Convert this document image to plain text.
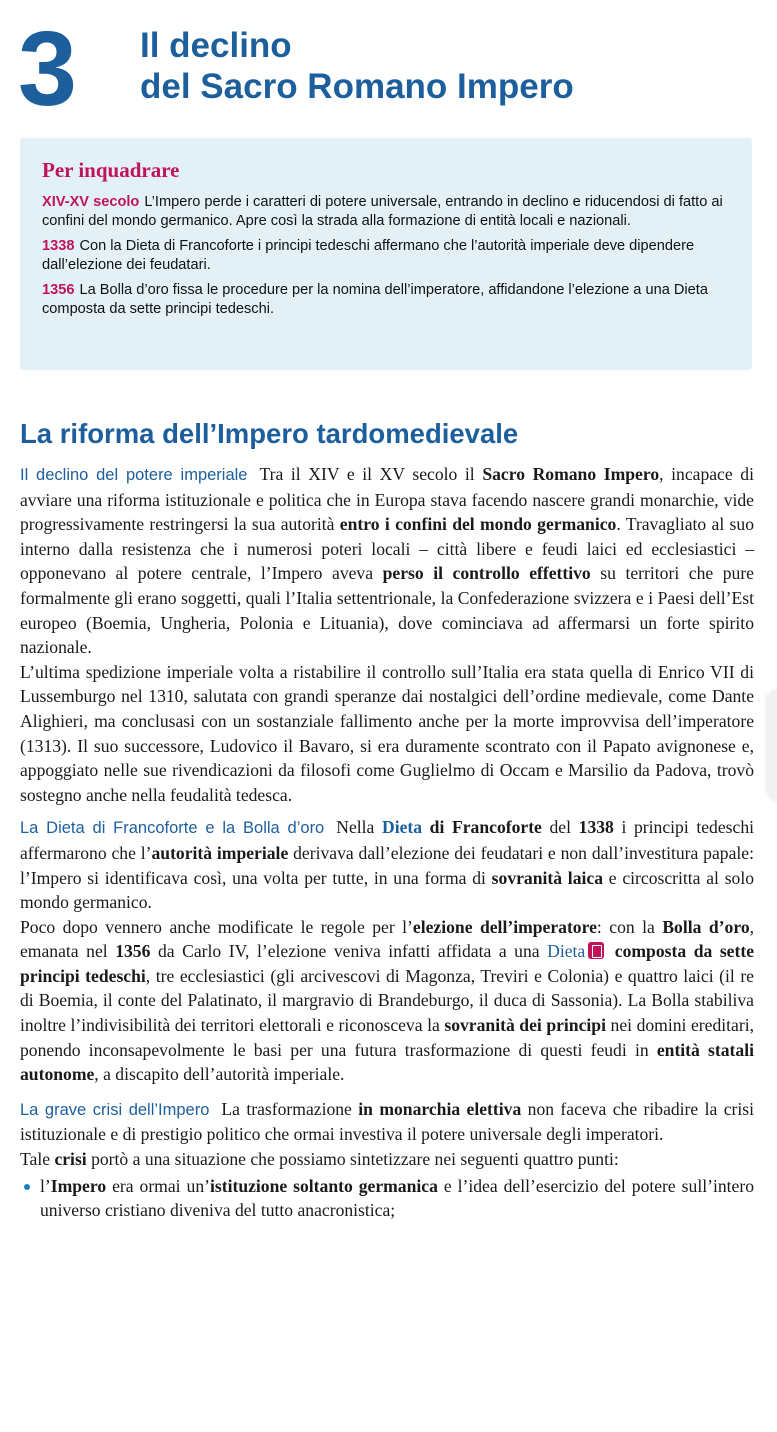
3 Il declino
del Sacro Romano Impero
Per inquadrare

XIV-XV secolo L’Impero perde i caratteri di potere universale, entrando in declino e riducendosi di fatto ai confini del mondo germanico. Apre così la strada alla formazione di entità locali e nazionali.

1338 Con la Dieta di Francoforte i principi tedeschi affermano che l’autorità imperiale deve dipendere dall’elezione dei feudatari.

1356 La Bolla d’oro fissa le procedure per la nomina dell’imperatore, affidandone l’elezione a una Dieta composta da sette principi tedeschi.

La riforma dell’Impero tardomedievale

Il declino del potere imperiale Tra il XIV e il XV secolo il Sacro Romano Impero, incapace di avviare una riforma istituzionale e politica che in Europa stava facendo nascere grandi monarchie, vide progressivamente restringersi la sua autorità entro i confini del mondo germanico. Travagliato al suo interno dalla resistenza che i numerosi poteri locali – città libere e feudi laici ed ecclesiastici – opponevano al potere centrale, l’Impero aveva perso il controllo effettivo su territori che pure formalmente gli erano soggetti, quali l’Italia settentrionale, la Confederazione svizzera e i Paesi dell’Est europeo (Boemia, Ungheria, Polonia e Lituania), dove cominciava ad affermarsi un forte spirito nazionale.

L’ultima spedizione imperiale volta a ristabilire il controllo sull’Italia era stata quella di Enrico VII di Lussemburgo nel 1310, salutata con grandi speranze dai nostalgici dell’ordine medievale, come Dante Alighieri, ma conclusasi con un sostanziale fallimento anche per la morte improvvisa dell’imperatore (1313). Il suo successore, Ludovico il Bavaro, si era duramente scontrato con il Papato avignonese e, appoggiato nelle sue rivendicazioni da filosofi come Guglielmo di Occam e Marsilio da Padova, trovò sostegno anche nella feudalità tedesca.

La Dieta di Francoforte e la Bolla d’oro Nella Dieta di Francoforte del 1338 i principi tedeschi affermarono che l’autorità imperiale derivava dall’elezione dei feudatari e non dall’investitura papale: l’Impero si identificava così, una volta per tutte, in una forma di sovranità laica e circoscritta al solo mondo germanico.

Poco dopo vennero anche modificate le regole per l’elezione dell’imperatore: con la Bolla d’oro, emanata nel 1356 da Carlo IV, l’elezione veniva infatti affidata a una Dieta composta da sette principi tedeschi, tre ecclesiastici (gli arcivescovi di Magonza, Treviri e Colonia) e quattro laici (il re di Boemia, il conte del Palatinato, il margravio di Brandeburgo, il duca di Sassonia). La Bolla stabiliva inoltre l’indivisibilità dei territori elettorali e riconosceva la sovranità dei principi nei domini ereditari, ponendo inconsapevolmente le basi per una futura trasformazione di questi feudi in entità statali autonome, a discapito dell’autorità imperiale.

La grave crisi dell’Impero La trasformazione in monarchia elettiva non faceva che ribadire la crisi istituzionale e di prestigio politico che ormai investiva il potere universale degli imperatori.

Tale crisi portò a una situazione che possiamo sintetizzare nei seguenti quattro punti:

l’Impero era ormai un’istituzione soltanto germanica e l’idea dell’esercizio del potere sull’intero universo cristiano diveniva del tutto anacronistica;
